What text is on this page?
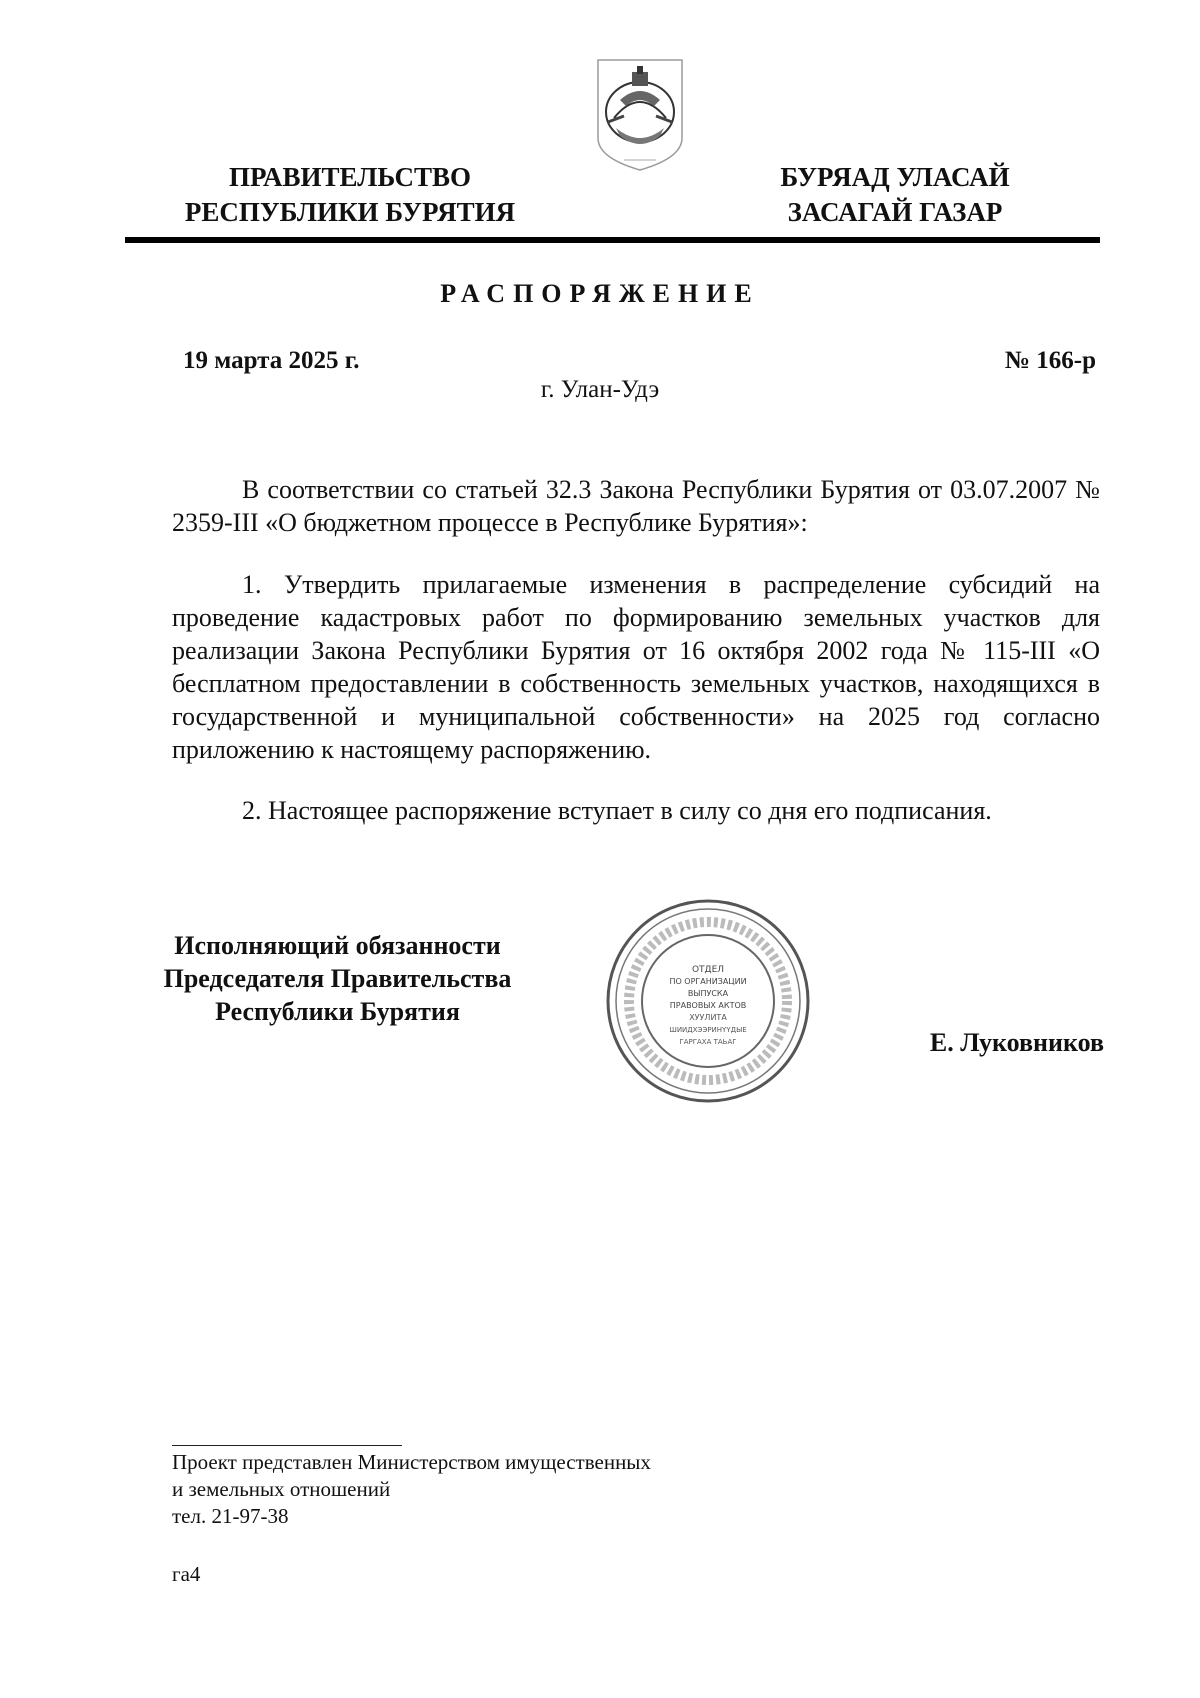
ПРАВИТЕЛЬСТВО
РЕСПУБЛИКИ БУРЯТИЯ
БУРЯАД УЛАСАЙ
ЗАСАГАЙ ГАЗАР
РАСПОРЯЖЕНИЕ
19 марта 2025 г.	№ 166-р
г. Улан-Удэ
В соответствии со статьей 32.3 Закона Республики Бурятия от 03.07.2007 № 2359-III «О бюджетном процессе в Республике Бурятия»:
1. Утвердить прилагаемые изменения в распределение субсидий на проведение кадастровых работ по формированию земельных участков для реализации Закона Республики Бурятия от 16 октября 2002 года № 115-III «О бесплатном предоставлении в собственность земельных участков, находящихся в государственной и муниципальной собственности» на 2025 год согласно приложению к настоящему распоряжению.
2. Настоящее распоряжение вступает в силу со дня его подписания.
Исполняющий обязанности
Председателя Правительства
Республики Бурятия
ОТДЕЛ
ПО ОРГАНИЗАЦИИ
ВЫПУСКА
ПРАВОВЫХ АКТОВ
ХУУЛИТА
ШИИДХЭЭРИНҮҮДЫЕ
ГАРГАХА ТАЬАГ	Е. Луковников
Проект представлен Министерством имущественных
и земельных отношений
тел. 21-97-38
га4
